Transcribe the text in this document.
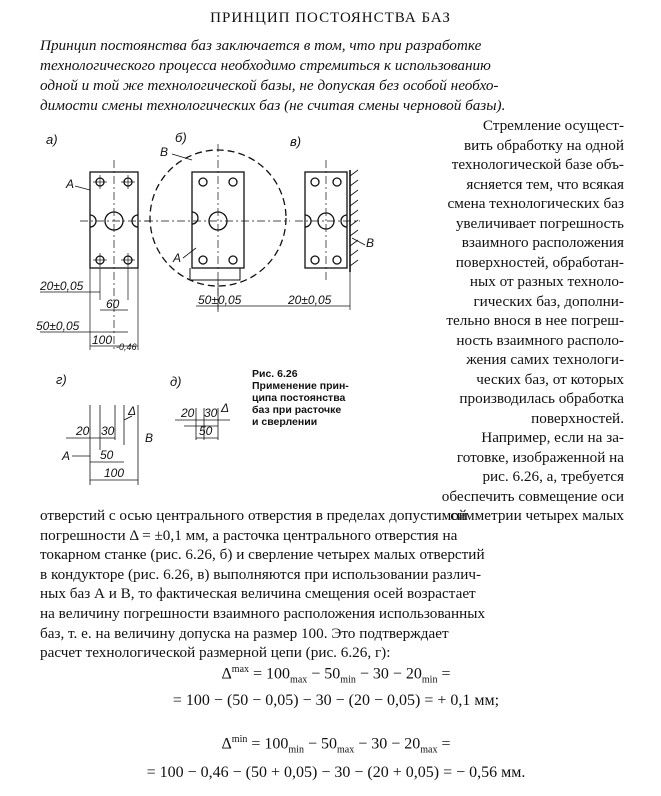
ПРИНЦИП ПОСТОЯНСТВА БАЗ
Принцип постоянства баз заключается в том, что при разработке
технологического процесса необходимо стремиться к использованию
одной и той же технологической базы, не допуская без особой необхо-
димости смены технологических баз (не считая смены черновой базы).
Стремление осущест-
вить обработку на одной
технологической базе объ-
ясняется тем, что всякая
смена технологических баз
увеличивает погрешность
взаимного расположения
поверхностей, обработан-
ных от разных техноло-
гических баз, дополни-
тельно внося в нее погреш-
ность взаимного располо-
жения самих технологи-
ческих баз, от которых
производилась обработка
поверхностей.
Например, если на за-
готовке, изображенной на
рис. 6.26, а, требуется
обеспечить совмещение оси
симметрии четырех малых
отверстий с осью центрального отверстия в пределах допустимой
погрешности Δ = ±0,1 мм, а расточка центрального отверстия на
токарном станке (рис. 6.26, б) и сверление четырех малых отверстий
в кондукторе (рис. 6.26, в) выполняются при использовании различ-
ных баз А и В, то фактическая величина смещения осей возрастает
на величину погрешности взаимного расположения использованных
баз, т. е. на величину допуска на размер 100. Это подтверждает
расчет технологической размерной цепи (рис. 6.26, г):
Рис. 6.26
Применение прин-
ципа постоянства
баз при расточке
и сверлении
а)	б)	в)
А
В
А
В
20±0,05
60
50±0,05
100 -0,46
50±0,05	20±0,05
г)	д)
20 30
Δ
В
А 50
100
20 30 Δ
50
$\Delta^{max} = 100_{max} - 50_{min} - 30 - 20_{min}$ =
= 100 − (50 − 0,05) − 30 − (20 − 0,05) = + 0,1 мм;
$\Delta^{min} = 100_{min} - 50_{max} - 30 - 20_{max}$ =
= 100 − 0,46 − (50 + 0,05) − 30 − (20 + 0,05) = − 0,56 мм.
